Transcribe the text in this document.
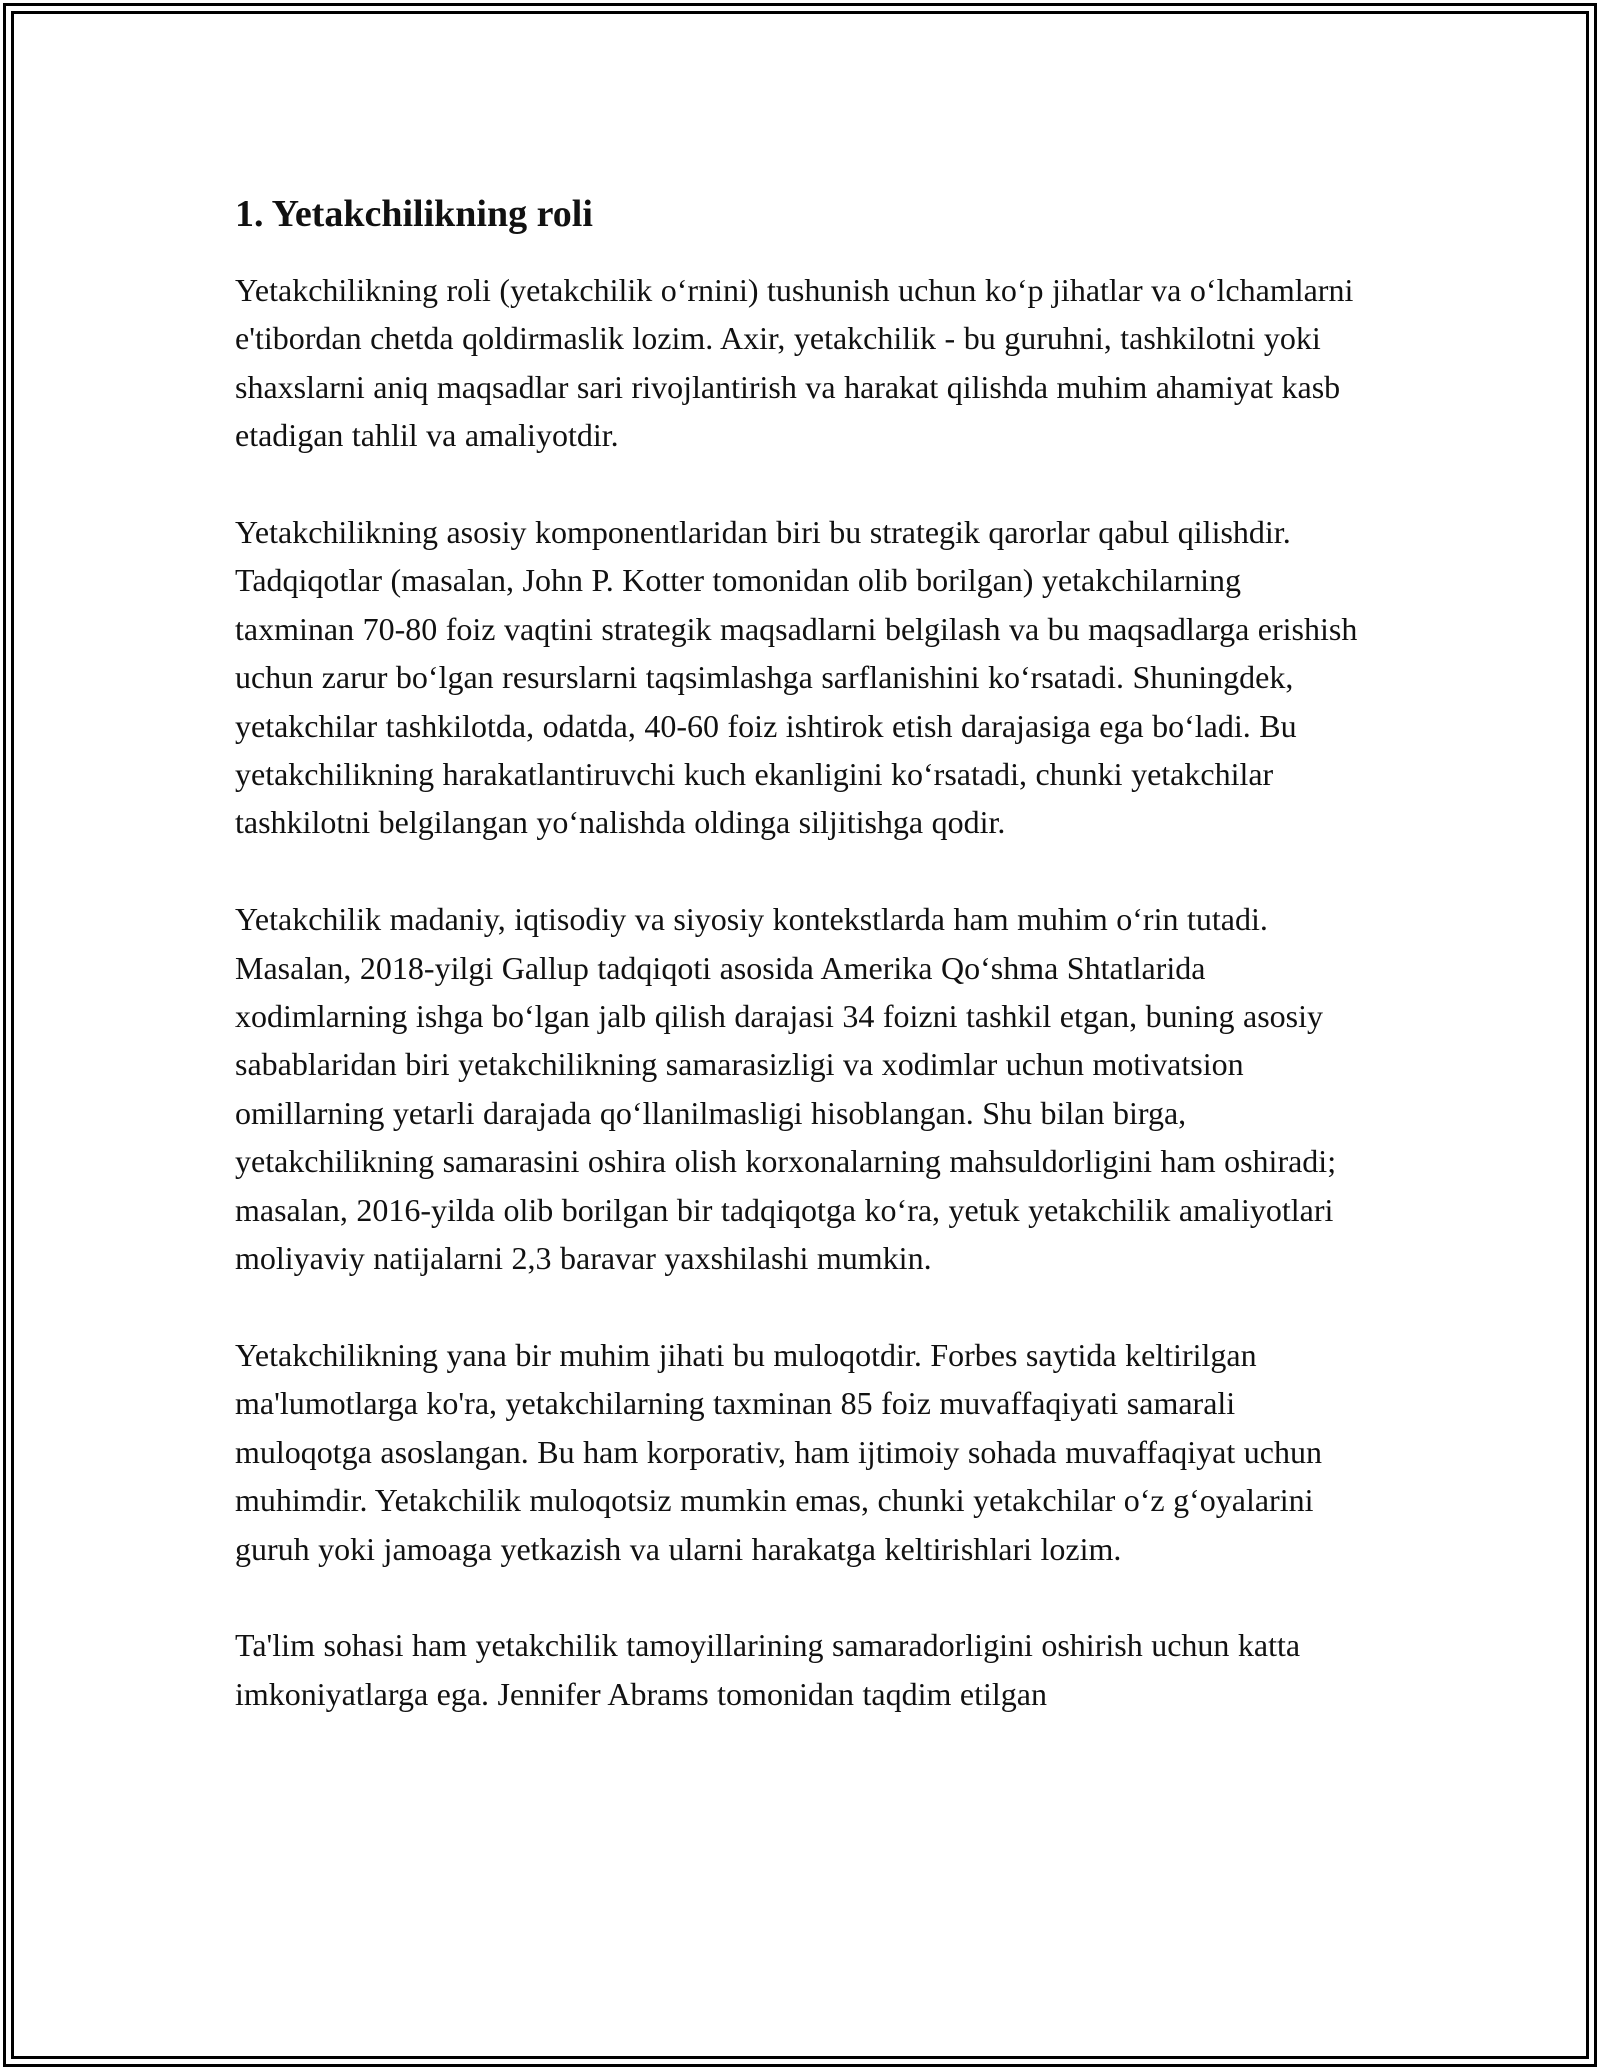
1. Yetakchilikning roli

Yetakchilikning roli (yetakchilik o‘rnini) tushunish uchun ko‘p jihatlar va o‘lchamlarni e'tibordan chetda qoldirmaslik lozim. Axir, yetakchilik - bu guruhni, tashkilotni yoki shaxslarni aniq maqsadlar sari rivojlantirish va harakat qilishda muhim ahamiyat kasb etadigan tahlil va amaliyotdir.

Yetakchilikning asosiy komponentlaridan biri bu strategik qarorlar qabul qilishdir. Tadqiqotlar (masalan, John P. Kotter tomonidan olib borilgan) yetakchilarning taxminan 70-80 foiz vaqtini strategik maqsadlarni belgilash va bu maqsadlarga erishish uchun zarur bo‘lgan resurslarni taqsimlashga sarflanishini ko‘rsatadi. Shuningdek, yetakchilar tashkilotda, odatda, 40-60 foiz ishtirok etish darajasiga ega bo‘ladi. Bu yetakchilikning harakatlantiruvchi kuch ekanligini ko‘rsatadi, chunki yetakchilar tashkilotni belgilangan yo‘nalishda oldinga siljitishga qodir.

Yetakchilik madaniy, iqtisodiy va siyosiy kontekstlarda ham muhim o‘rin tutadi. Masalan, 2018-yilgi Gallup tadqiqoti asosida Amerika Qo‘shma Shtatlarida xodimlarning ishga bo‘lgan jalb qilish darajasi 34 foizni tashkil etgan, buning asosiy sabablaridan biri yetakchilikning samarasizligi va xodimlar uchun motivatsion omillarning yetarli darajada qo‘llanilmasligi hisoblangan. Shu bilan birga, yetakchilikning samarasini oshira olish korxonalarning mahsuldorligini ham oshiradi; masalan, 2016-yilda olib borilgan bir tadqiqotga ko‘ra, yetuk yetakchilik amaliyotlari moliyaviy natijalarni 2,3 baravar yaxshilashi mumkin.

Yetakchilikning yana bir muhim jihati bu muloqotdir. Forbes saytida keltirilgan ma'lumotlarga ko'ra, yetakchilarning taxminan 85 foiz muvaffaqiyati samarali muloqotga asoslangan. Bu ham korporativ, ham ijtimoiy sohada muvaffaqiyat uchun muhimdir. Yetakchilik muloqotsiz mumkin emas, chunki yetakchilar o‘z g‘oyalarini guruh yoki jamoaga yetkazish va ularni harakatga keltirishlari lozim.

Ta'lim sohasi ham yetakchilik tamoyillarining samaradorligini oshirish uchun katta imkoniyatlarga ega. Jennifer Abrams tomonidan taqdim etilgan
